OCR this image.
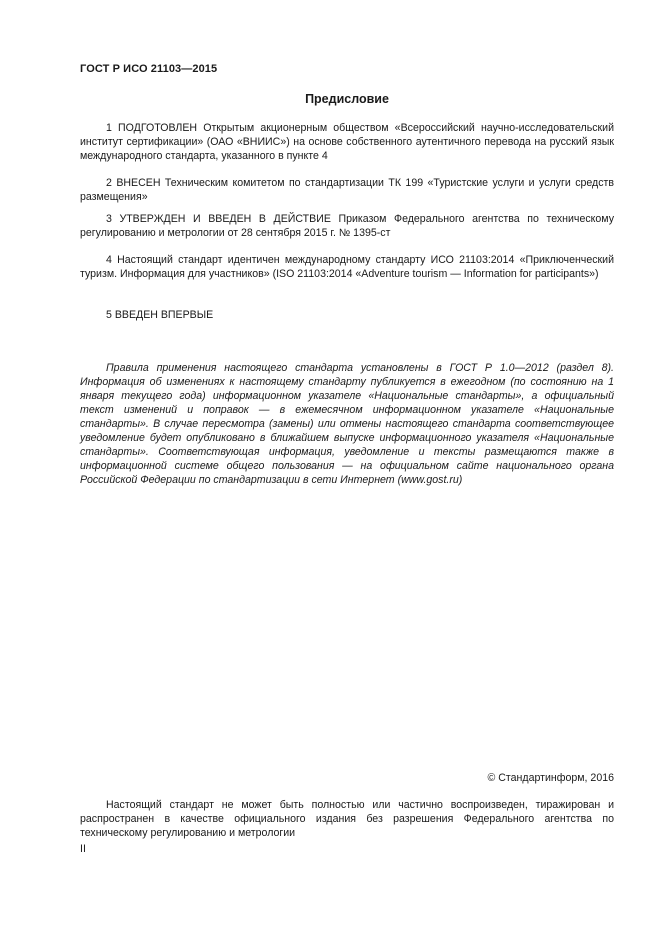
ГОСТ Р ИСО 21103—2015
Предисловие

1 ПОДГОТОВЛЕН Открытым акционерным обществом «Всероссийский научно-исследовательский институт сертификации» (ОАО «ВНИИС») на основе собственного аутентичного перевода на русский язык международного стандарта, указанного в пункте 4

2 ВНЕСЕН Техническим комитетом по стандартизации ТК 199 «Туристские услуги и услуги средств размещения»

3 УТВЕРЖДЕН И ВВЕДЕН В ДЕЙСТВИЕ Приказом Федерального агентства по техническому регулированию и метрологии от 28 сентября 2015 г. № 1395-ст

4 Настоящий стандарт идентичен международному стандарту ИСО 21103:2014 «Приключенческий туризм. Информация для участников» (ISO 21103:2014 «Adventure tourism — Information for participants»)

5 ВВЕДЕН ВПЕРВЫЕ

Правила применения настоящего стандарта установлены в ГОСТ Р 1.0—2012 (раздел 8). Информация об изменениях к настоящему стандарту публикуется в ежегодном (по состоянию на 1 января текущего года) информационном указателе «Национальные стандарты», а официальный текст изменений и поправок — в ежемесячном информационном указателе «Национальные стандарты». В случае пересмотра (замены) или отмены настоящего стандарта соответствующее уведомление будет опубликовано в ближайшем выпуске информационного указателя «Национальные стандарты». Соответствующая информация, уведомление и тексты размещаются также в информационной системе общего пользования — на официальном сайте национального органа Российской Федерации по стандартизации в сети Интернет (www.gost.ru)

© Стандартинформ, 2016

Настоящий стандарт не может быть полностью или частично воспроизведен, тиражирован и распространен в качестве официального издания без разрешения Федерального агентства по техническому регулированию и метрологии

II
